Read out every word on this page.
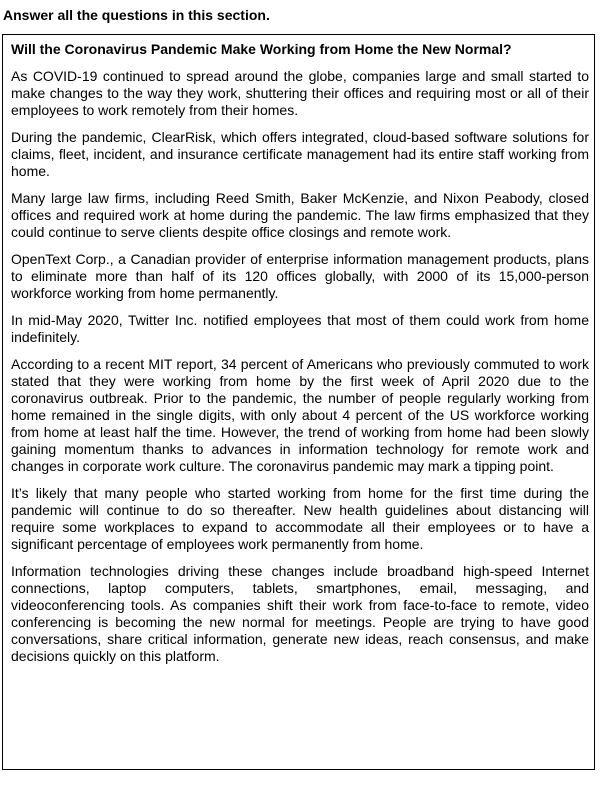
Answer all the questions in this section.
Will the Coronavirus Pandemic Make Working from Home the New Normal?

As COVID-19 continued to spread around the globe, companies large and small started to make changes to the way they work, shuttering their offices and requiring most or all of their employees to work remotely from their homes.

During the pandemic, ClearRisk, which offers integrated, cloud-based software solutions for claims, fleet, incident, and insurance certificate management had its entire staff working from home.

Many large law firms, including Reed Smith, Baker McKenzie, and Nixon Peabody, closed offices and required work at home during the pandemic. The law firms emphasized that they could continue to serve clients despite office closings and remote work.

OpenText Corp., a Canadian provider of enterprise information management products, plans to eliminate more than half of its 120 offices globally, with 2000 of its 15,000-person workforce working from home permanently.

In mid-May 2020, Twitter Inc. notified employees that most of them could work from home indefinitely.

According to a recent MIT report, 34 percent of Americans who previously commuted to work stated that they were working from home by the first week of April 2020 due to the coronavirus outbreak. Prior to the pandemic, the number of people regularly working from home remained in the single digits, with only about 4 percent of the US workforce working from home at least half the time. However, the trend of working from home had been slowly gaining momentum thanks to advances in information technology for remote work and changes in corporate work culture. The coronavirus pandemic may mark a tipping point.

It’s likely that many people who started working from home for the first time during the pandemic will continue to do so thereafter. New health guidelines about distancing will require some workplaces to expand to accommodate all their employees or to have a significant percentage of employees work permanently from home.

Information technologies driving these changes include broadband high-speed Internet connections, laptop computers, tablets, smartphones, email, messaging, and videoconferencing tools. As companies shift their work from face-to-face to remote, video conferencing is becoming the new normal for meetings. People are trying to have good conversations, share critical information, generate new ideas, reach consensus, and make decisions quickly on this platform.
